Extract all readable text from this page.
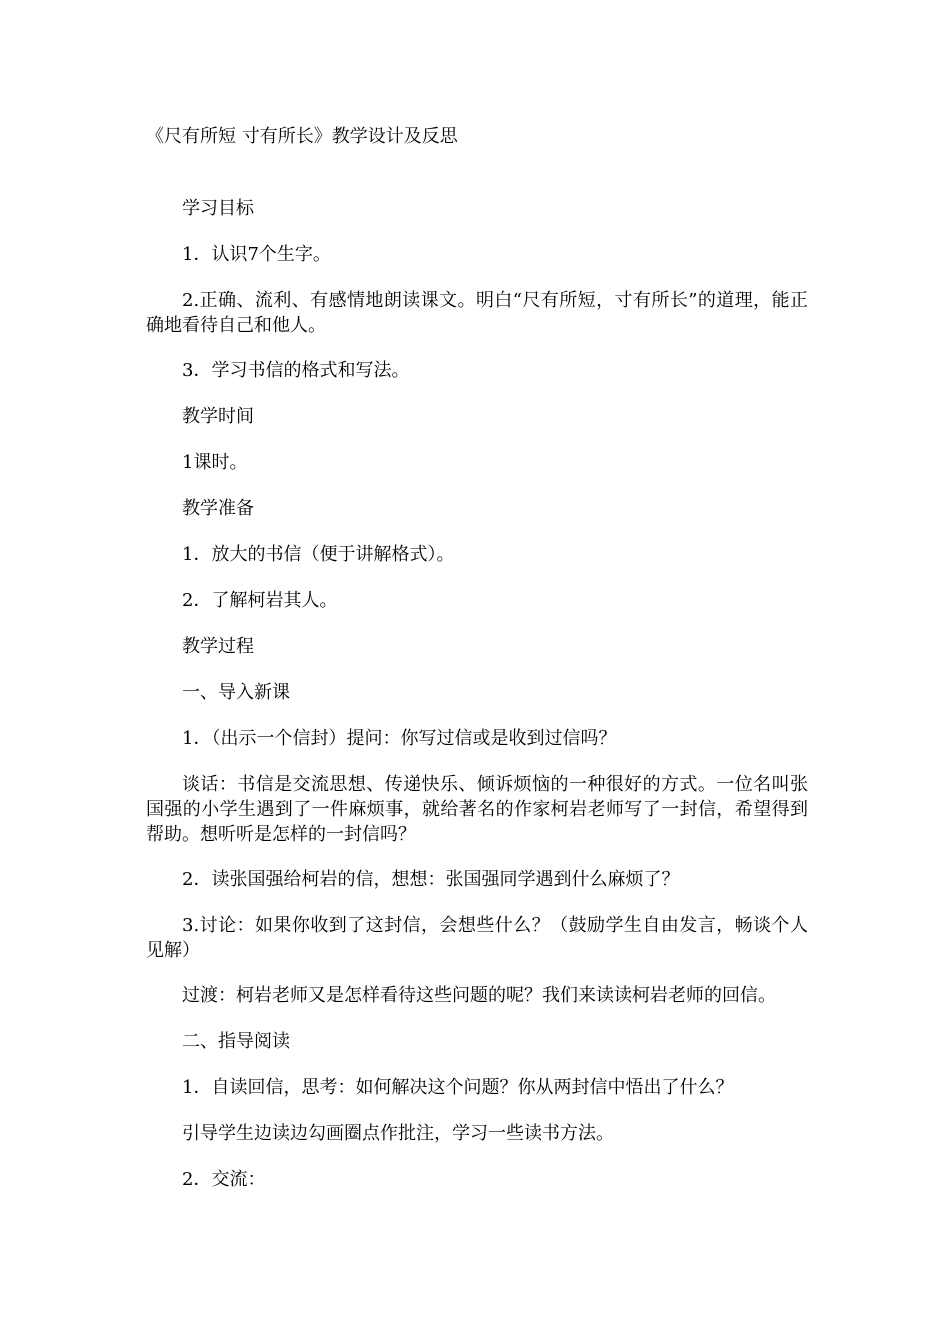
《尺有所短 寸有所长》教学设计及反思

学习目标

1．认识7个生字。

2.正确、流利、有感情地朗读课文。明白“尺有所短，寸有所长”的道理，能正确地看待自己和他人。

3．学习书信的格式和写法。

教学时间

1课时。

教学准备

1．放大的书信（便于讲解格式）。

2．了解柯岩其人。

教学过程

一、导入新课

1．（出示一个信封）提问：你写过信或是收到过信吗？

谈话：书信是交流思想、传递快乐、倾诉烦恼的一种很好的方式。一位名叫张国强的小学生遇到了一件麻烦事，就给著名的作家柯岩老师写了一封信，希望得到帮助。想听听是怎样的一封信吗？

2．读张国强给柯岩的信，想想：张国强同学遇到什么麻烦了？

3.讨论：如果你收到了这封信，会想些什么？（鼓励学生自由发言，畅谈个人见解）

过渡：柯岩老师又是怎样看待这些问题的呢？我们来读读柯岩老师的回信。

二、指导阅读

1．自读回信，思考：如何解决这个问题？你从两封信中悟出了什么？

引导学生边读边勾画圈点作批注，学习一些读书方法。

2．交流：
